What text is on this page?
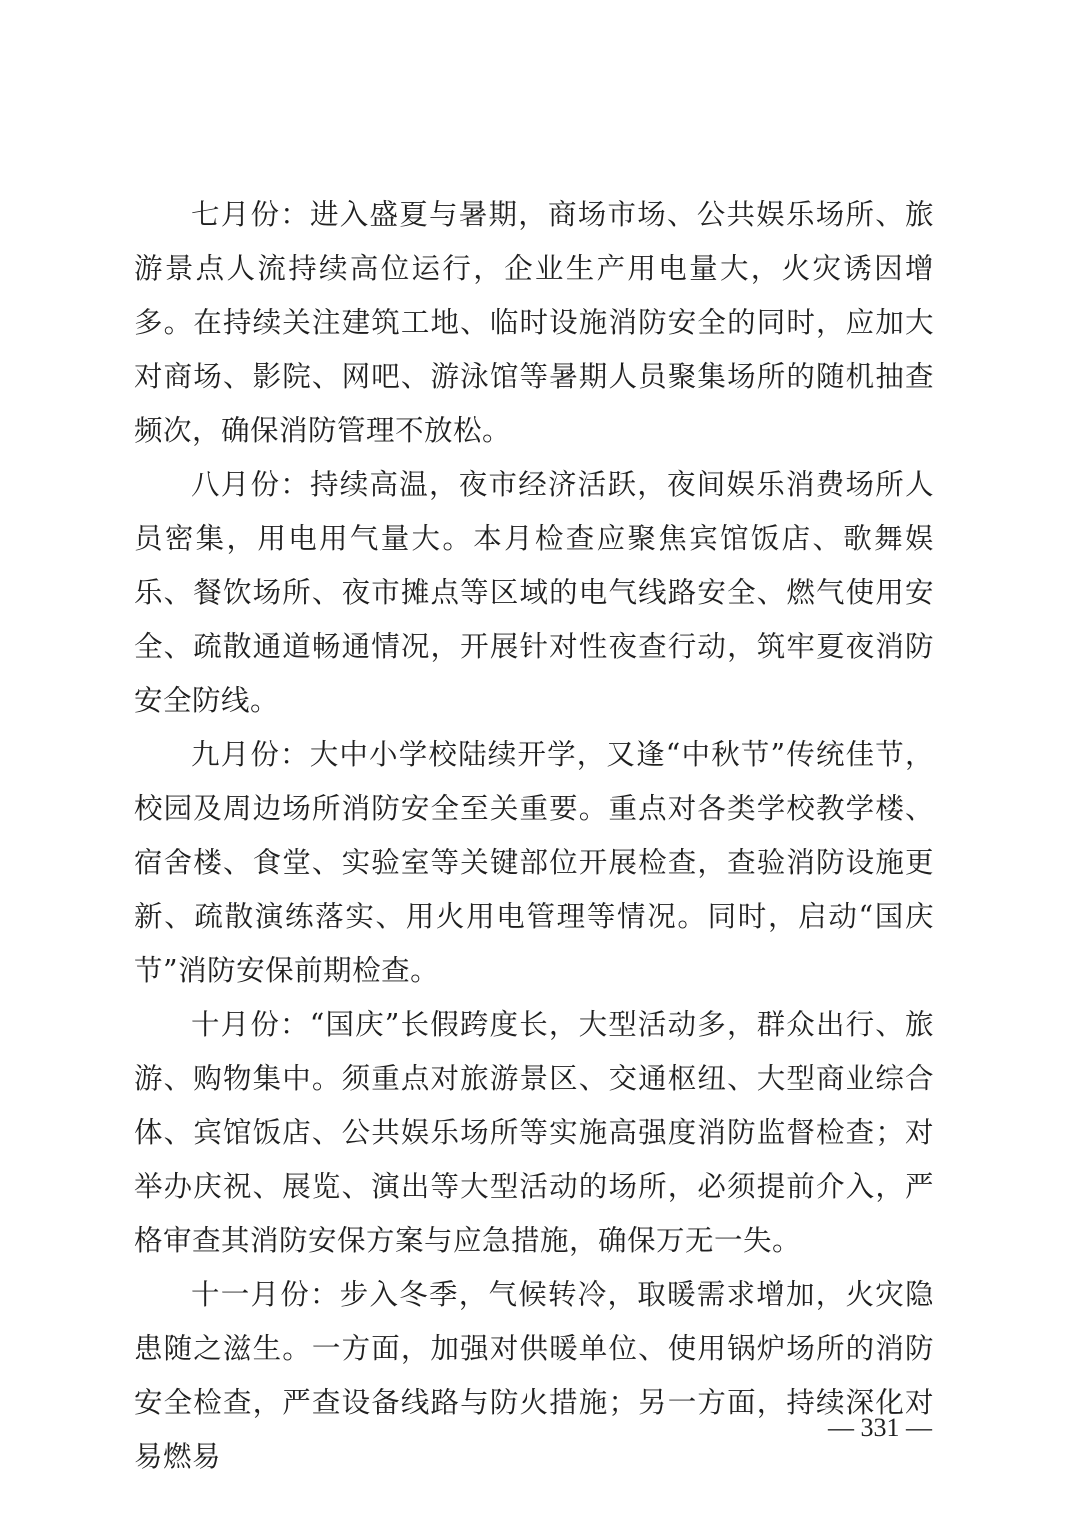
七月份：进入盛夏与暑期，商场市场、公共娱乐场所、旅游景点人流持续高位运行，企业生产用电量大，火灾诱因增多。在持续关注建筑工地、临时设施消防安全的同时，应加大对商场、影院、网吧、游泳馆等暑期人员聚集场所的随机抽查频次，确保消防管理不放松。

八月份：持续高温，夜市经济活跃，夜间娱乐消费场所人员密集，用电用气量大。本月检查应聚焦宾馆饭店、歌舞娱乐、餐饮场所、夜市摊点等区域的电气线路安全、燃气使用安全、疏散通道畅通情况，开展针对性夜查行动，筑牢夏夜消防安全防线。

九月份：大中小学校陆续开学，又逢“中秋节”传统佳节，校园及周边场所消防安全至关重要。重点对各类学校教学楼、宿舍楼、食堂、实验室等关键部位开展检查，查验消防设施更新、疏散演练落实、用火用电管理等情况。同时，启动“国庆节”消防安保前期检查。

十月份：“国庆”长假跨度长，大型活动多，群众出行、旅游、购物集中。须重点对旅游景区、交通枢纽、大型商业综合体、宾馆饭店、公共娱乐场所等实施高强度消防监督检查；对举办庆祝、展览、演出等大型活动的场所，必须提前介入，严格审查其消防安保方案与应急措施，确保万无一失。

十一月份：步入冬季，气候转冷，取暖需求增加，火灾隐患随之滋生。一方面，加强对供暖单位、使用锅炉场所的消防安全检查，严查设备线路与防火措施；另一方面，持续深化对易燃易

— 331 —
